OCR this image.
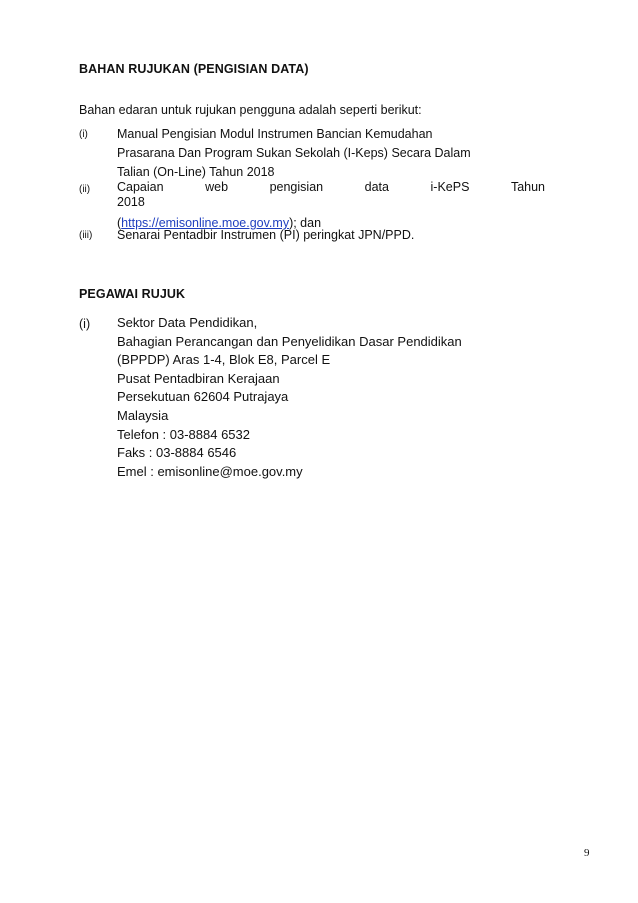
BAHAN RUJUKAN (PENGISIAN DATA)
Bahan edaran untuk rujukan pengguna adalah seperti berikut:
(i) Manual Pengisian Modul Instrumen Bancian Kemudahan
Prasarana Dan Program Sukan Sekolah (I-Keps) Secara Dalam
Talian (On-Line) Tahun 2018
(ii) Capaian	web	pengisian	data	i-KePS	Tahun
2018
(https://emisonline.moe.gov.my); dan
(iii) Senarai Pentadbir Instrumen (PI) peringkat JPN/PPD.
PEGAWAI RUJUK
(i) Sektor Data Pendidikan,
Bahagian Perancangan dan Penyelidikan Dasar Pendidikan
(BPPDP) Aras 1-4, Blok E8, Parcel E
Pusat Pentadbiran Kerajaan
Persekutuan 62604 Putrajaya
Malaysia
Telefon : 03-8884 6532
Faks : 03-8884 6546
Emel : emisonline@moe.gov.my
9
